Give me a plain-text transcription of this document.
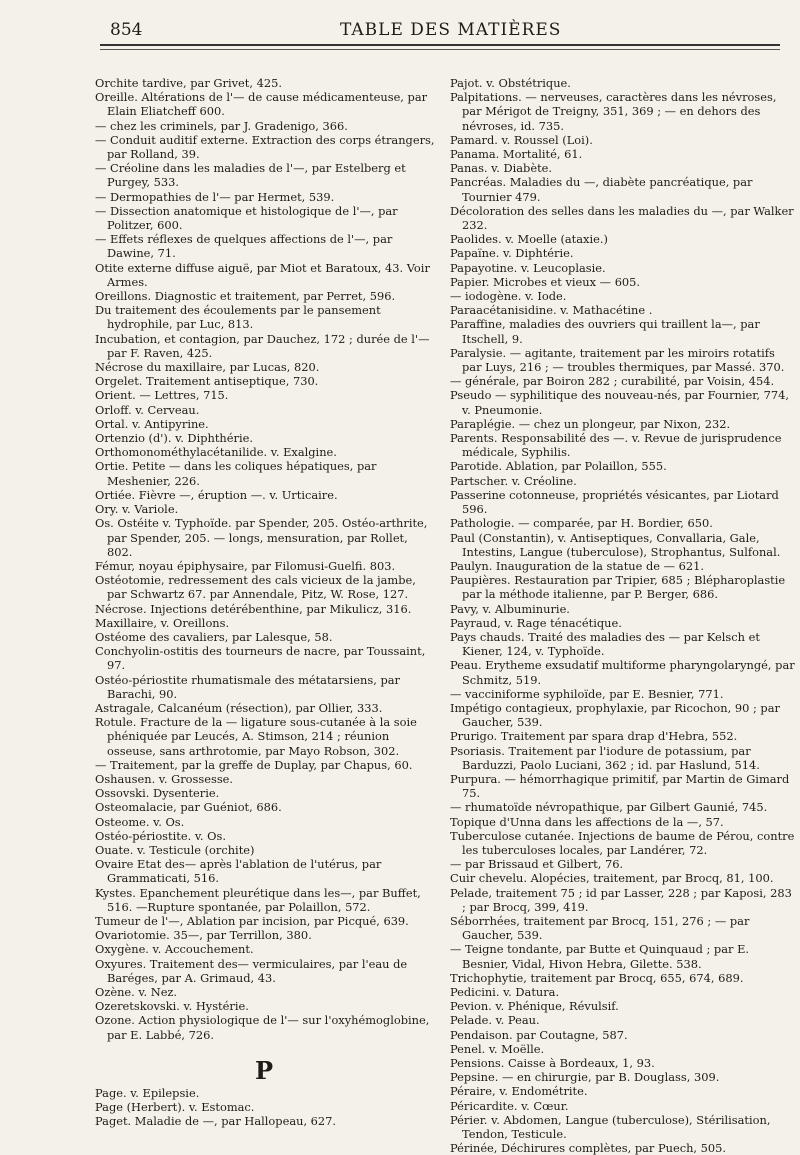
854	TABLE DES MATIÈRES

Orchite tardive, par Grivet, 425.

Oreille. Altérations de l'— de cause médicamenteuse, par Elain Eliatcheff 600.

— chez les criminels, par J. Gradenigo, 366.

— Conduit auditif externe. Extraction des corps étrangers, par Rolland, 39.

— Créoline dans les maladies de l'—, par Estelberg et Purgey, 533.

— Dermopathies de l'— par Hermet, 539.

— Dissection anatomique et histologique de l'—, par Politzer, 600.

— Effets réflexes de quelques affections de l'—, par Dawine, 71.

Otite externe diffuse aiguë, par Miot et Baratoux, 43. Voir Armes.

Oreillons. Diagnostic et traitement, par Perret, 596.

Du traitement des écoulements par le pansement hydrophile, par Luc, 813.

Incubation, et contagion, par Dauchez, 172 ; durée de l'— par F. Raven, 425.

Nécrose du maxillaire, par Lucas, 820.

Orgelet. Traitement antiseptique, 730.

Orient. — Lettres, 715.

Orloff. v. Cerveau.

Ortal. v. Antipyrine.

Ortenzio (d'). v. Diphthérie.

Orthomonométhylacétanilide. v. Exalgine.

Ortie. Petite — dans les coliques hépatiques, par Meshenier, 226.

Ortiée. Fièvre —, éruption —. v. Urticaire.

Ory. v. Variole.

Os. Ostéite v. Typhoïde. par Spender, 205. Ostéo-arthrite, par Spender, 205. — longs, mensuration, par Rollet, 802.

Fémur, noyau épiphysaire, par Filomusi-Guelfi. 803.

Ostéotomie, redressement des cals vicieux de la jambe, par Schwartz 67. par Annendale, Pitz, W. Rose, 127.

Nécrose. Injections detérébenthine, par Mikulicz, 316.

Maxillaire, v. Oreillons.

Ostéome des cavaliers, par Lalesque, 58.

Conchyolin-ostitis des tourneurs de nacre, par Toussaint, 97.

Ostéo-périostite rhumatismale des métatarsiens, par Barachi, 90.

Astragale, Calcanéum (résection), par Ollier, 333.

Rotule. Fracture de la — ligature sous-cutanée à la soie phéniquée par Leucés, A. Stimson, 214 ; réunion osseuse, sans arthrotomie, par Mayo Robson, 302.

— Traitement, par la greffe de Duplay, par Chapus, 60.

Oshausen. v. Grossesse.

Ossovski. Dysenterie.

Osteomalacie, par Guéniot, 686.

Osteome. v. Os.

Ostéo-périostite. v. Os.

Ouate. v. Testicule (orchite)

Ovaire Etat des— après l'ablation de l'utérus, par Grammaticati, 516.

Kystes. Epanchement pleurétique dans les—, par Buffet, 516. —Rupture spontanée, par Polaillon, 572.

Tumeur de l'—, Ablation par incision, par Picqué, 639.

Ovariotomie. 35—, par Terrillon, 380.

Oxygène. v. Accouchement.

Oxyures. Traitement des— vermiculaires, par l'eau de Baréges, par A. Grimaud, 43.

Ozène. v. Nez.

Ozeretskovski. v. Hystérie.

Ozone. Action physiologique de l'— sur l'oxyhémoglobine, par E. Labbé, 726.

P

Page. v. Epilepsie.

Page (Herbert). v. Estomac.

Paget. Maladie de —, par Hallopeau, 627.

Pajot. v. Obstétrique.

Palpitations. — nerveuses, caractères dans les névroses, par Mérigot de Treigny, 351, 369 ; — en dehors des névroses, id. 735.

Pamard. v. Roussel (Loi).

Panama. Mortalité, 61.

Panas. v. Diabète.

Pancréas. Maladies du —, diabète pancréatique, par Tournier 479.

Décoloration des selles dans les maladies du —, par Walker 232.

Paolides. v. Moelle (ataxie.)

Papaïne. v. Diphtérie.

Papayotine. v. Leucoplasie.

Papier. Microbes et vieux — 605.

— iodogène. v. Iode.

Paraacétanisidine. v. Mathacétine .

Paraffine, maladies des ouvriers qui traillent la—, par Itschell, 9.

Paralysie. — agitante, traitement par les miroirs rotatifs par Luys, 216 ; — troubles thermiques, par Massé. 370.

— générale, par Boiron 282 ; curabilité, par Voisin, 454.

Pseudo — syphilitique des nouveau-nés, par Fournier, 774, v. Pneumonie.

Paraplégie. — chez un plongeur, par Nixon, 232.

Parents. Responsabilité des —. v. Revue de jurisprudence médicale, Syphilis.

Parotide. Ablation, par Polaillon, 555.

Partscher. v. Créoline.

Passerine cotonneuse, propriétés vésicantes, par Liotard 596.

Pathologie. — comparée, par H. Bordier, 650.

Paul (Constantin), v. Antiseptiques, Convallaria, Gale, Intestins, Langue (tuberculose), Strophantus, Sulfonal.

Paulyn. Inauguration de la statue de — 621.

Paupières. Restauration par Tripier, 685 ; Blépharoplastie par la méthode italienne, par P. Berger, 686.

Pavy, v. Albuminurie.

Payraud, v. Rage ténacétique.

Pays chauds. Traité des maladies des — par Kelsch et Kiener, 124, v. Typhoïde.

Peau. Erytheme exsudatif multiforme pharyngolaryngé, par Schmitz, 519.

— vacciniforme syphiloïde, par E. Besnier, 771.

Impétigo contagieux, prophylaxie, par Ricochon, 90 ; par Gaucher, 539.

Prurigo. Traitement par spara drap d'Hebra, 552.

Psoriasis. Traitement par l'iodure de potassium, par Barduzzi, Paolo Luciani, 362 ; id. par Haslund, 514.

Purpura. — hémorrhagique primitif, par Martin de Gimard 75.

— rhumatoïde névropathique, par Gilbert Gaunié, 745.

Topique d'Unna dans les affections de la —, 57.

Tuberculose cutanée. Injections de baume de Pérou, contre les tuberculoses locales, par Landérer, 72.

— par Brissaud et Gilbert, 76.

Cuir chevelu. Alopécies, traitement, par Brocq, 81, 100.

Pelade, traitement 75 ; id par Lasser, 228 ; par Kaposi, 283 ; par Brocq, 399, 419.

Séborrhées, traitement par Brocq, 151, 276 ; — par Gaucher, 539.

— Teigne tondante, par Butte et Quinquaud ; par E. Besnier, Vidal, Hivon Hebra, Gilette. 538.

Trichophytie, traitement par Brocq, 655, 674, 689.

Pedicini. v. Datura.

Pevion. v. Phénique, Révulsif.

Pelade. v. Peau.

Pendaison. par Coutagne, 587.

Penel. v. Moëlle.

Pensions. Caisse à Bordeaux, 1, 93.

Pepsine. — en chirurgie, par B. Douglass, 309.

Péraire, v. Endométrite.

Péricardite. v. Cœur.

Périer. v. Abdomen, Langue (tuberculose), Stérilisation, Tendon, Testicule.

Périnée, Déchirures complètes, par Puech, 505.
